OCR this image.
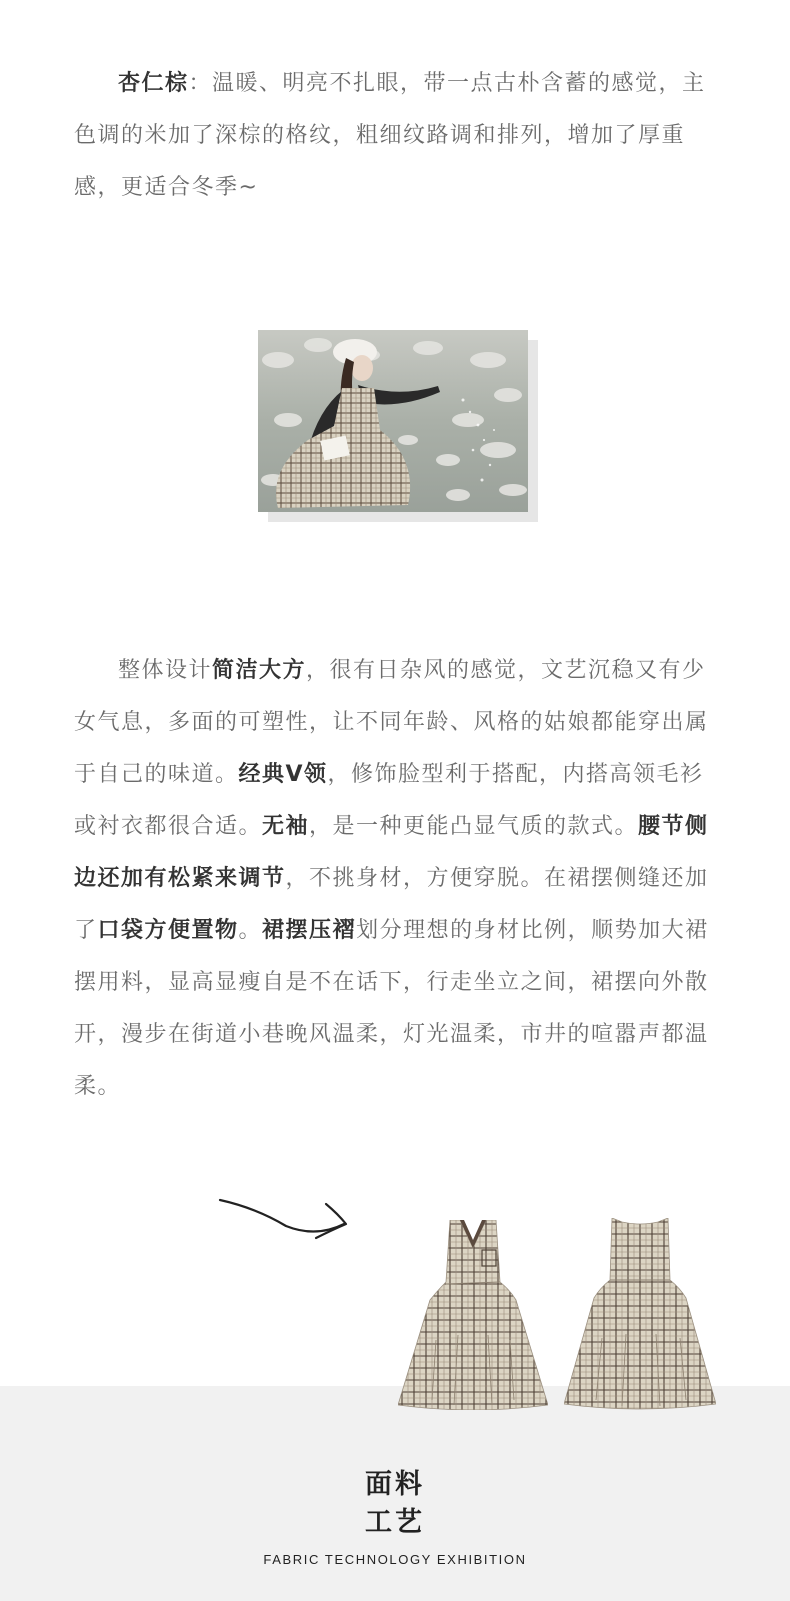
杏仁棕：温暖、明亮不扎眼，带一点古朴含蓄的感觉，主色调的米加了深棕的格纹，粗细纹路调和排列，增加了厚重感，更适合冬季~

整体设计简洁大方，很有日杂风的感觉，文艺沉稳又有少女气息，多面的可塑性，让不同年龄、风格的姑娘都能穿出属于自己的味道。经典V领，修饰脸型利于搭配，内搭高领毛衫或衬衣都很合适。无袖，是一种更能凸显气质的款式。腰节侧边还加有松紧来调节，不挑身材，方便穿脱。在裙摆侧缝还加了口袋方便置物。裙摆压褶划分理想的身材比例，顺势加大裙摆用料，显高显瘦自是不在话下，行走坐立之间，裙摆向外散开，漫步在街道小巷晚风温柔，灯光温柔，市井的喧嚣声都温柔。

面料
工艺
FABRIC TECHNOLOGY EXHIBITION
